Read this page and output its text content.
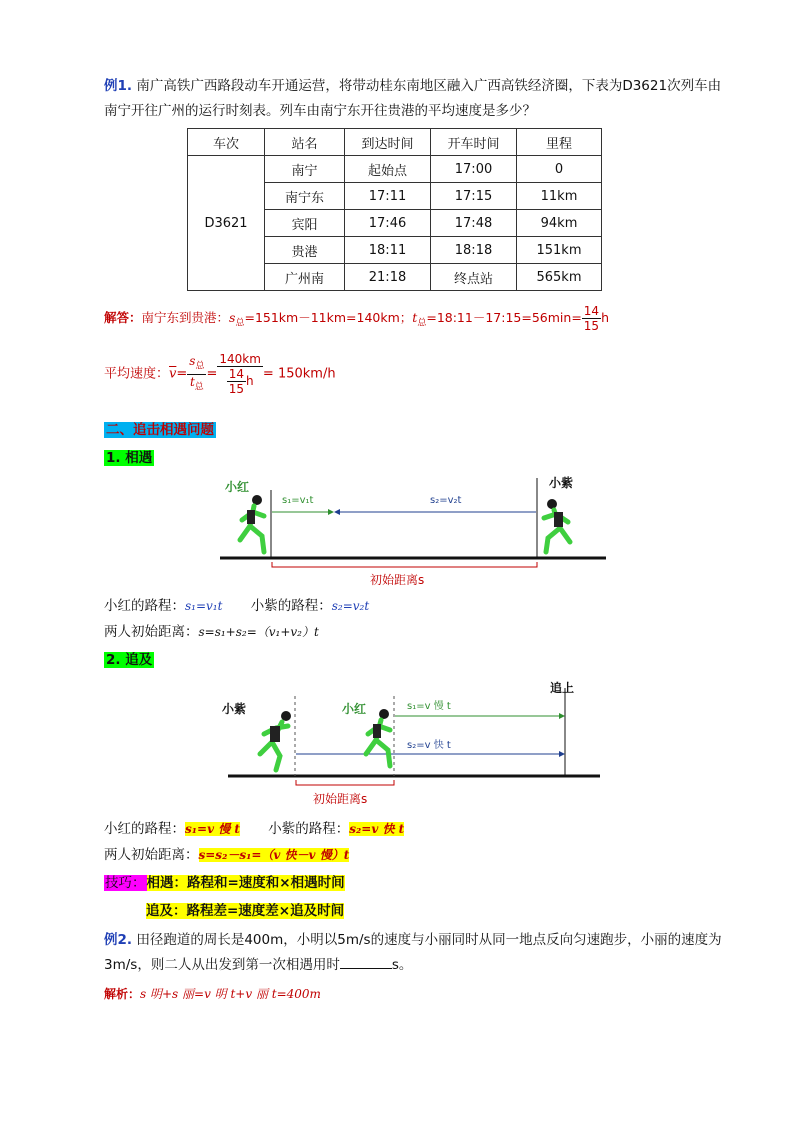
例1. 南广高铁广西路段动车开通运营，将带动桂东南地区融入广西高铁经济圈，下表为D3621次列车由南宁开往广州的运行时刻表。列车由南宁东开往贵港的平均速度是多少？
车次	站名	到达时间	开车时间	里程
D3621	南宁	起始点	17:00	0
	南宁东	17:11	17:15	11km
	宾阳	17:46	17:48	94km
	贵港	18:11	18:18	151km
	广州南	21:18	终点站	565km
解答：南宁东到贵港：$s_总=151km-11km=140km$；$t_总=18:11-17:15=56\min= \frac{14}{15}$ h
平均速度：$\overline{v}= \frac{s_总}{t_总} = \frac{140km}{\frac{14}{15} h} = 150km/h$
二、追击相遇问题
1. 相遇
小红	小紫
s₁=v₁t	s₂=v₂t
初始距离s
小红的路程：s₁=v₁t 小紫的路程：s₂=v₂t
两人初始距离：s=s₁+s₂=（v₁+v₂）t
2. 追及
小紫	小红
追上
s₁=v 慢 t
s₂=v 快 t
初始距离s
小红的路程：s₁=v 慢 t 小紫的路程：s₂=v 快 t
两人初始距离：s=s₂－s₁=（v 快－v 慢）t
技巧：相遇：路程和=速度和×相遇时间
追及：路程差=速度差×追及时间
例2. 田径跑道的周长是400m，小明以5m/s的速度与小丽同时从同一地点反向匀速跑步，小丽的速度为3m/s，则二人从出发到第一次相遇用时	s。
解析：s 明+s 丽=v 明 t+v 丽 t=400m
